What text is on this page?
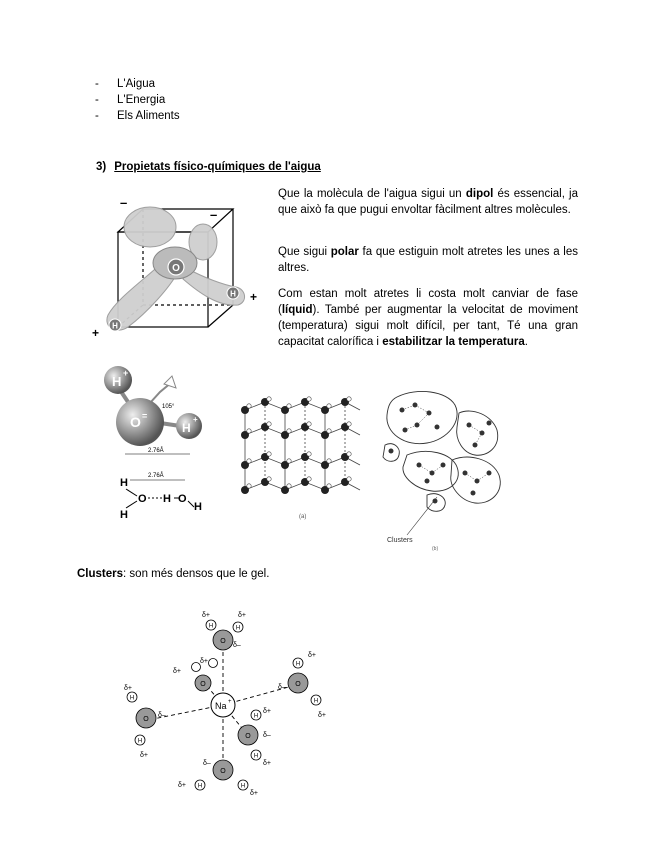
-	L'Aigua
-	L'Energia
-	Els Aliments
3) Propietats físico-químiques de l'aigua

Que la molècula de l'aigua sigui un dipol és essencial, ja que això fa que pugui envoltar fàcilment altres molècules.

Que sigui polar fa que estiguin molt atretes les unes a les altres.

Com estan molt atretes li costa molt canviar de fase (líquid). També per augmentar la velocitat de moviment (temperatura) sigui molt difícil, per tant, Té una gran capacitat calorífica i estabilitzar la temperatura.

O
H
H
–
–
+
+
H
+
O =
H
+
105°
2.76Å
2.76Å
H
H
O H O
H
(a)
Clusters
(b)
Clusters: son més densos que le gel.
Na +
O
O
O
O
O
O
H	H
H
H
H
H
H	H
H
H
δ+	δ+
δ–
δ+
δ–
δ+
δ+
δ–
δ+
δ–
δ+
δ+
δ+
δ+
δ–
δ+
δ+
